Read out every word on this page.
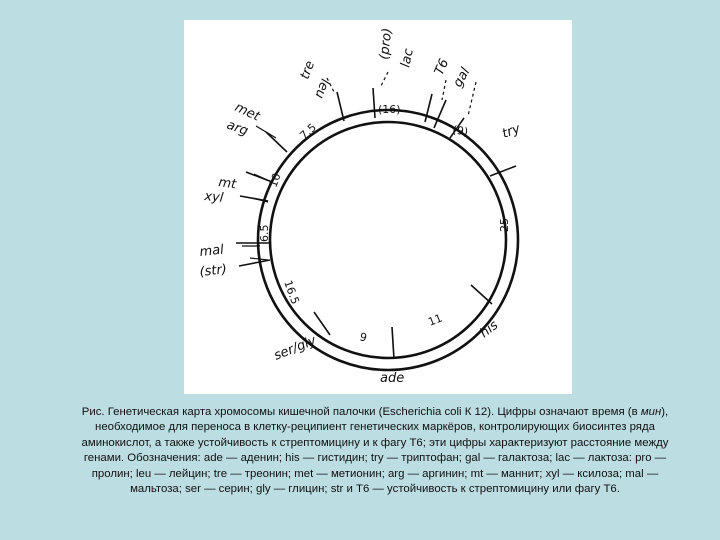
(pro) lac T6
gal
try
tre
leu
met
arg
mt
xyl
mal
(str)
ser/gly
ade
his
(16)
(9)
7.5
10
6.5
16.5
9
11
25

Рис. Генетическая карта хромосомы кишечной палочки (Escherichia coli К 12). Цифры означают время (в мин), необходимое для переноса в клетку-реципиент генетических маркёров, контролирующих биосинтез ряда аминокислот, а также устойчивость к стрептомицину и к фагу Т6; эти цифры характеризуют расстояние между генами. Обозначения: ade — аденин; his — гистидин; try — триптофан; gal — галактоза; lac — лактоза: pro — пролин; leu — лейцин; tre — треонин; met — метионин; arg — аргинин; mt — маннит; xyl — ксилоза; mal — мальтоза; ser — серин; gly — глицин; str и Т6 — устойчивость к стрептомицину или фагу Т6.
